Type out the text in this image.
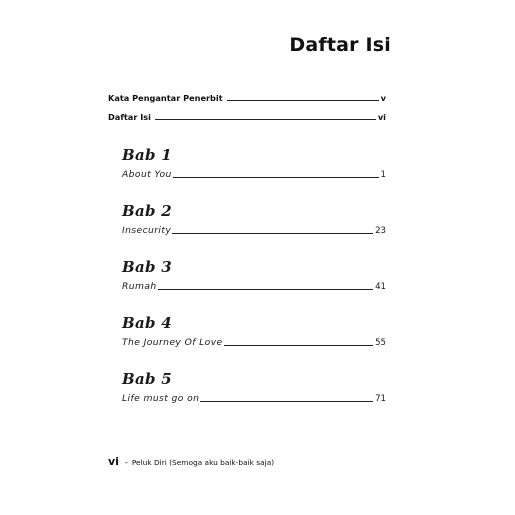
Daftar Isi
Kata Pengantar Penerbit	v
Daftar Isi	vi
Bab 1
About You	1
Bab 2
Insecurity	23
Bab 3
Rumah	41
Bab 4
The Journey Of Love	55
Bab 5
Life must go on	71
vi - Peluk Diri (Semoga aku baik-baik saja)
